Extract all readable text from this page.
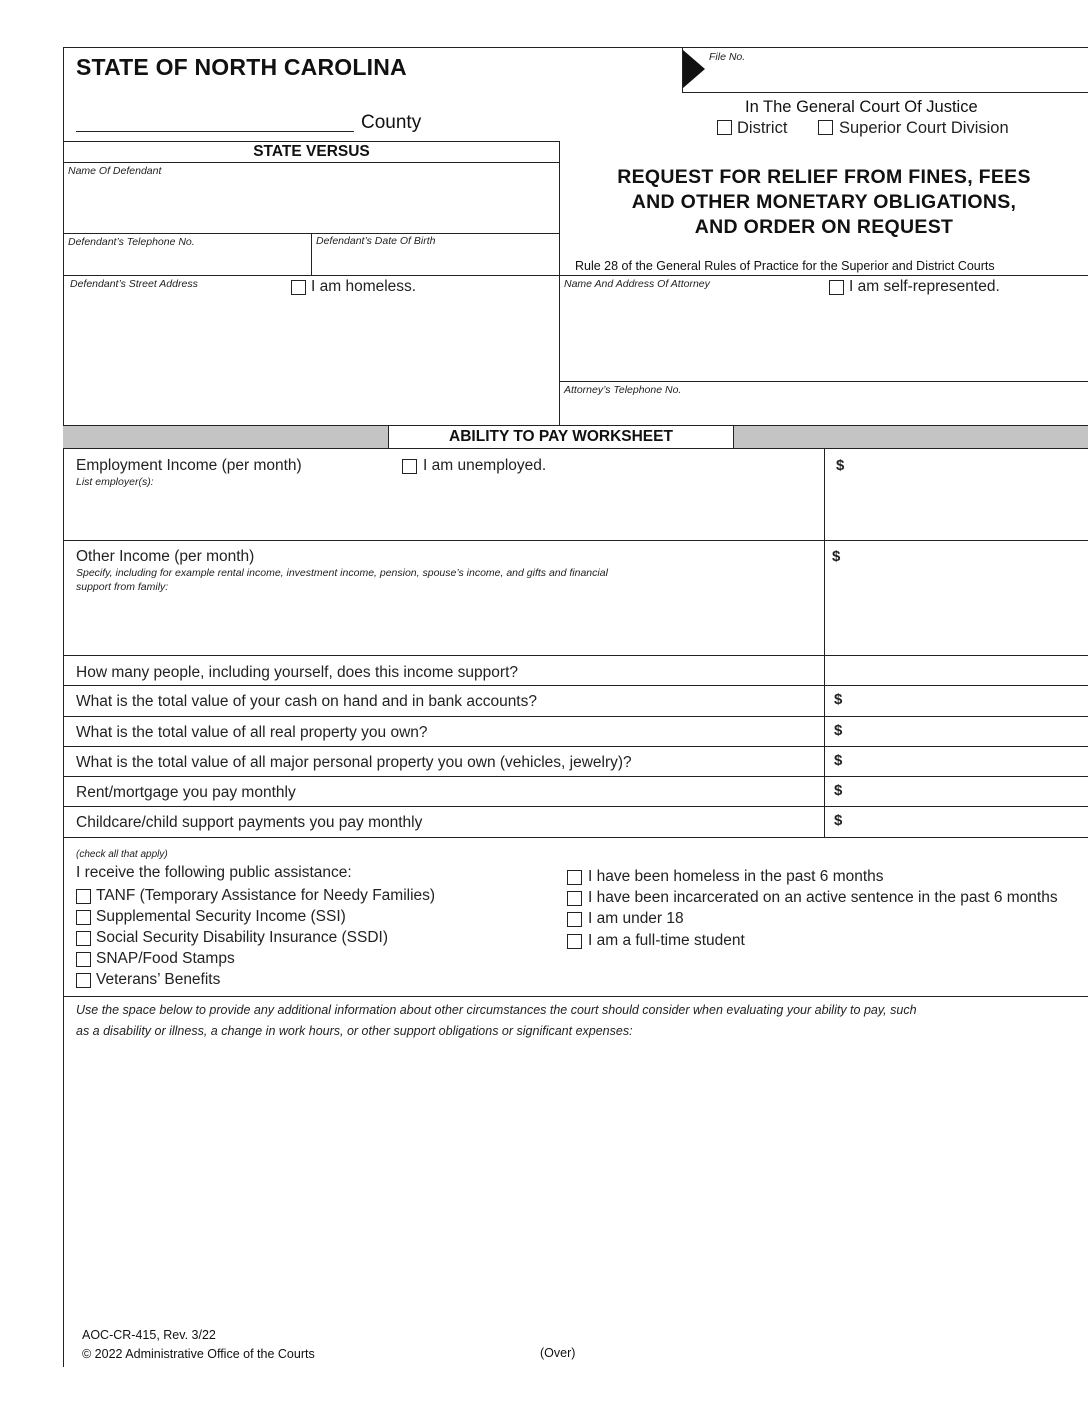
STATE OF NORTH CAROLINA
County
File No.
In The General Court Of Justice
District	Superior Court Division
STATE VERSUS
Name Of Defendant
Defendant’s Telephone No.	Defendant’s Date Of Birth
Defendant’s Street Address	I am homeless.
REQUEST FOR RELIEF FROM FINES, FEES
AND OTHER MONETARY OBLIGATIONS,
AND ORDER ON REQUEST
Rule 28 of the General Rules of Practice for the Superior and District Courts
Name And Address Of Attorney	I am self-represented.
Attorney’s Telephone No.
ABILITY TO PAY WORKSHEET
Employment Income (per month)	I am unemployed.
List employer(s):
$
Other Income (per month)
Specify, including for example rental income, investment income, pension, spouse’s income, and gifts and financial
support from family:
$
How many people, including yourself, does this income support?
What is the total value of your cash on hand and in bank accounts?	$
What is the total value of all real property you own?	$
What is the total value of all major personal property you own (vehicles, jewelry)?	$
Rent/mortgage you pay monthly	$
Childcare/child support payments you pay monthly	$
(check all that apply)
I receive the following public assistance:
TANF (Temporary Assistance for Needy Families)
Supplemental Security Income (SSI)
Social Security Disability Insurance (SSDI)
SNAP/Food Stamps
Veterans’ Benefits
I have been homeless in the past 6 months
I have been incarcerated on an active sentence in the past 6 months
I am under 18
I am a full-time student
Use the space below to provide any additional information about other circumstances the court should consider when evaluating your ability to pay, such
as a disability or illness, a change in work hours, or other support obligations or significant expenses:
AOC-CR-415, Rev. 3/22
© 2022 Administrative Office of the Courts	(Over)
